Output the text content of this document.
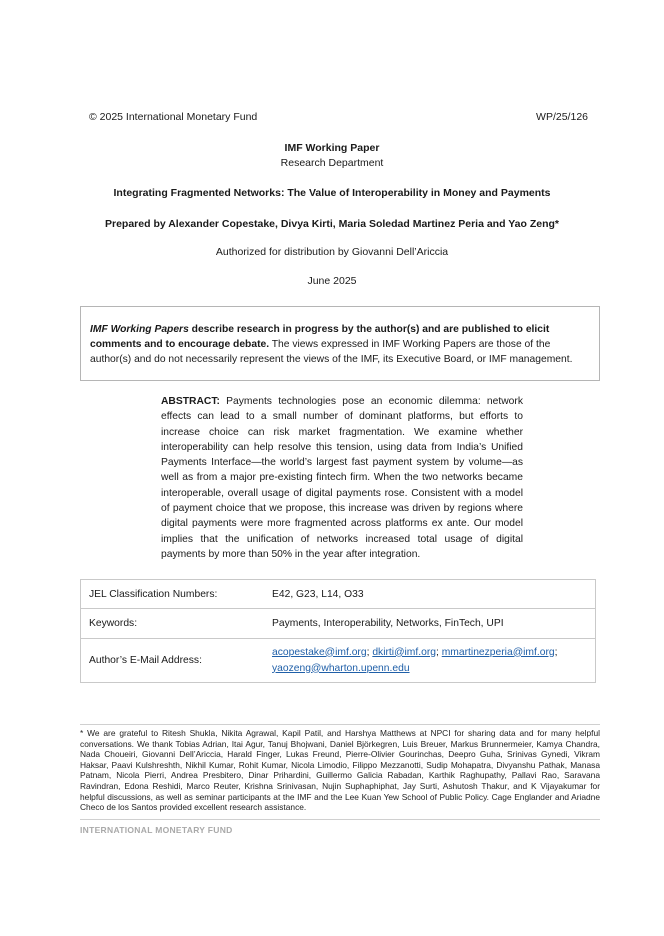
© 2025 International Monetary Fund	WP/25/126
IMF Working Paper
Research Department
Integrating Fragmented Networks: The Value of Interoperability in Money and Payments
Prepared by Alexander Copestake, Divya Kirti, Maria Soledad Martinez Peria and Yao Zeng*
Authorized for distribution by Giovanni Dell’Ariccia
June 2025
IMF Working Papers describe research in progress by the author(s) and are published to elicit comments and to encourage debate. The views expressed in IMF Working Papers are those of the author(s) and do not necessarily represent the views of the IMF, its Executive Board, or IMF management.
ABSTRACT: Payments technologies pose an economic dilemma: network effects can lead to a small number of dominant platforms, but efforts to increase choice can risk market fragmentation. We examine whether interoperability can help resolve this tension, using data from India’s Unified Payments Interface—the world’s largest fast payment system by volume—as well as from a major pre-existing fintech firm. When the two networks became interoperable, overall usage of digital payments rose. Consistent with a model of payment choice that we propose, this increase was driven by regions where digital payments were more fragmented across platforms ex ante. Our model implies that the unification of networks increased total usage of digital payments by more than 50% in the year after integration.
JEL Classification Numbers:	E42, G23, L14, O33
Keywords:	Payments, Interoperability, Networks, FinTech, UPI
Author’s E-Mail Address:	acopestake@imf.org; dkirti@imf.org; mmartinezperia@imf.org;
yaozeng@wharton.upenn.edu
* We are grateful to Ritesh Shukla, Nikita Agrawal, Kapil Patil, and Harshya Matthews at NPCI for sharing data and for many helpful conversations. We thank Tobias Adrian, Itai Agur, Tanuj Bhojwani, Daniel Björkegren, Luis Breuer, Markus Brunnermeier, Kamya Chandra, Nada Choueiri, Giovanni Dell’Ariccia, Harald Finger, Lukas Freund, Pierre-Olivier Gourinchas, Deepro Guha, Srinivas Gynedi, Vikram Haksar, Paavi Kulshreshth, Nikhil Kumar, Rohit Kumar, Nicola Limodio, Filippo Mezzanotti, Sudip Mohapatra, Divyanshu Pathak, Manasa Patnam, Nicola Pierri, Andrea Presbitero, Dinar Prihardini, Guillermo Galicia Rabadan, Karthik Raghupathy, Pallavi Rao, Saravana Ravindran, Edona Reshidi, Marco Reuter, Krishna Srinivasan, Nujin Suphaphiphat, Jay Surti, Ashutosh Thakur, and K Vijayakumar for helpful discussions, as well as seminar participants at the IMF and the Lee Kuan Yew School of Public Policy. Cage Englander and Ariadne Checo de los Santos provided excellent research assistance.
INTERNATIONAL MONETARY FUND
